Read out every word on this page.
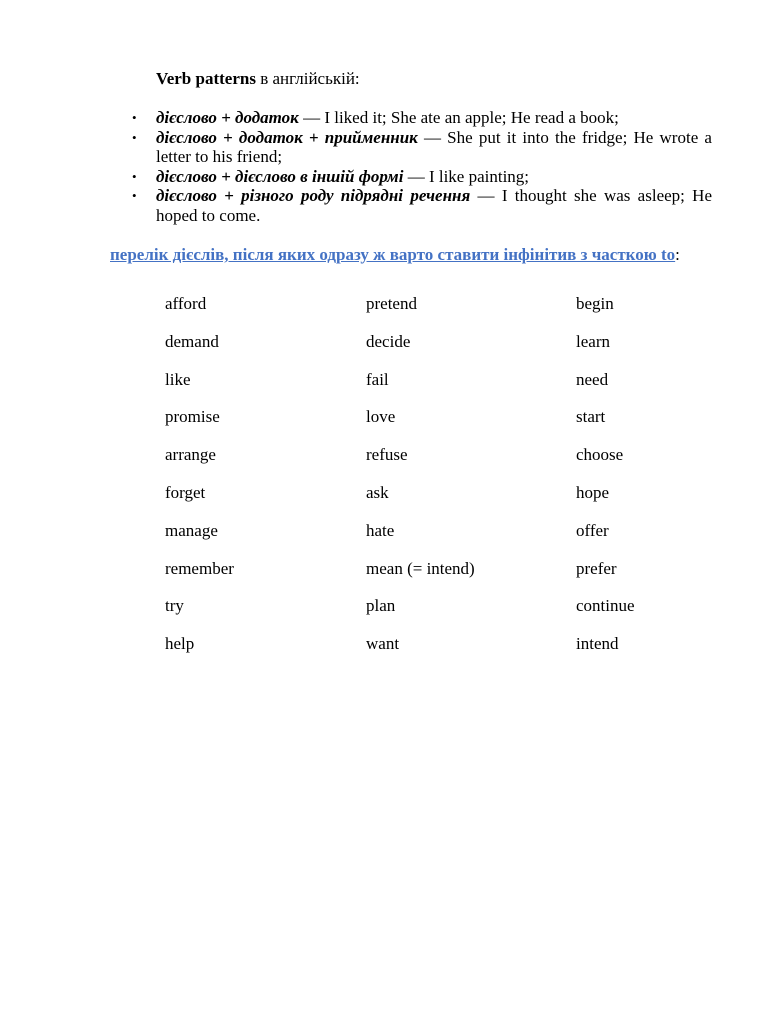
Verb patterns в англійській:
• дієслово + додаток — I liked it; She ate an apple; He read a book;
• дієслово + додаток + прийменник — She put it into the fridge; He wrote a letter to his friend;
• дієслово + дієслово в іншій формі — I like painting;
• дієслово + різного роду підрядні речення — I thought she was asleep; He hoped to come.
перелік дієслів, після яких одразу ж варто ставити інфінітив з часткою to:
afford	pretend	begin
demand	decide	learn
like	fail	need
promise	love	start
arrange	refuse	choose
forget	ask	hope
manage	hate	offer
remember	mean (= intend)	prefer
try	plan	continue
help	want	intend
